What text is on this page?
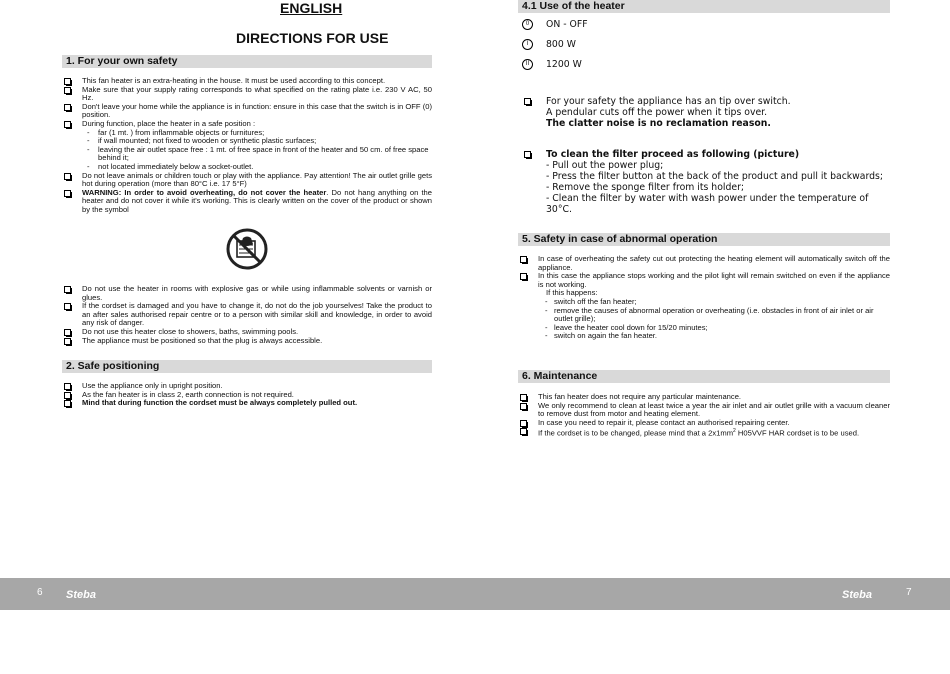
ENGLISH
DIRECTIONS FOR USE
1. For your own safety
This fan heater is an extra-heating in the house. It must be used according to this concept.
Make sure that your supply rating corresponds to what specified on the rating plate i.e. 230 V AC, 50 Hz.
Don't leave your home while the appliance is in function: ensure in this case that the switch is in OFF (0) position.
During function, place the heater in a safe position :
- far (1 mt. ) from inflammable objects or furnitures;
- if wall mounted; not fixed to wooden or synthetic plastic surfaces;
- leaving the air outlet space free : 1 mt. of free space in front of the heater and 50 cm. of free space behind it;
- not located immediately below a socket-outlet.
Do not leave animals or children touch or play with the appliance. Pay attention! The air outlet grille gets hot during operation (more than 80°C i.e. 17 5°F)
WARNING: In order to avoid overheating, do not cover the heater. Do not hang anything on the heater and do not cover it while it's working. This is clearly written on the cover of the product or shown by the symbol
Do not use the heater in rooms with explosive gas or while using inflammable solvents or varnish or glues.
If the cordset is damaged and you have to change it, do not do the job yourselves! Take the product to an after sales authorised repair centre or to a person with similar skill and knowledge, in order to avoid any risk of danger.
Do not use this heater close to showers, baths, swimming pools.
The appliance must be positioned so that the plug is always accessible.
2. Safe positioning
Use the appliance only in upright position.
As the fan heater is in class 2, earth connection is not required.
Mind that during function the cordset must be always completely pulled out.
4.1 Use of the heater
0	ON - OFF
I	800 W
II	1200 W
For your safety the appliance has an tip over switch.
A pendular cuts off the power when it tips over.
The clatter noise is no reclamation reason.
To clean the filter proceed as following (picture)
- Pull out the power plug;
- Press the filter button at the back of the product and pull it backwards;
- Remove the sponge filter from its holder;
- Clean the filter by water with wash power under the temperature of 30°C.
5. Safety in case of abnormal operation
In case of overheating the safety cut out protecting the heating element will automatically switch off the appliance.
In this case the appliance stops working and the pilot light will remain switched on even if the appliance is not working.
If this happens:
- switch off the fan heater;
- remove the causes of abnormal operation or overheating (i.e. obstacles in front of air inlet or air outlet grille);
- leave the heater cool down for 15/20 minutes;
- switch on again the fan heater.
6. Maintenance
This fan heater does not require any particular maintenance.
We only recommend to clean at least twice a year the air inlet and air outlet grille with a vacuum cleaner to remove dust from motor and heating element.
In case you need to repair it, please contact an authorised repairing center.
If the cordset is to be changed, please mind that a $2x1mm^2$ H05VVF HAR cordset is to be used.
6 Steba	Steba	7
